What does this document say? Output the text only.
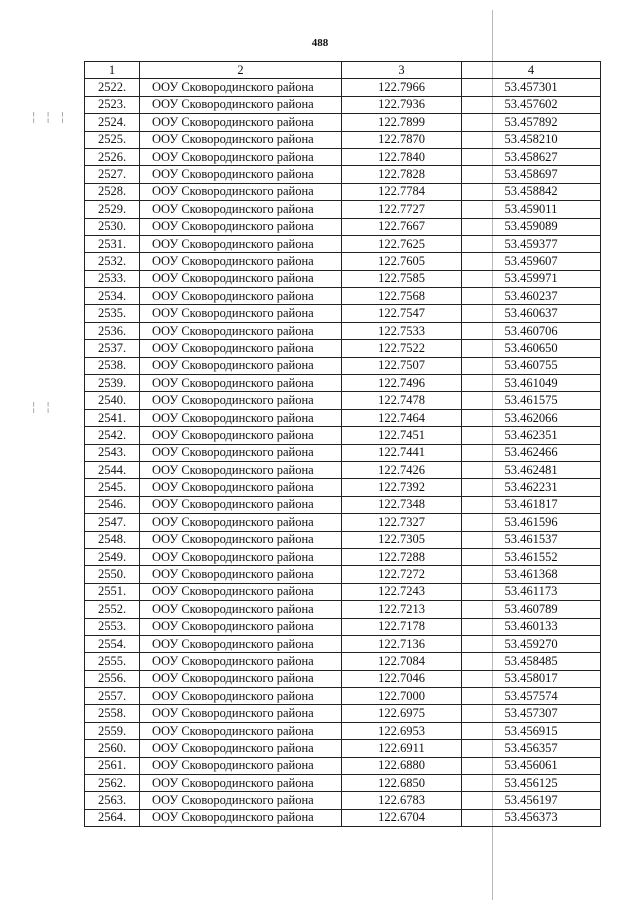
¦ ¦ ¦
¦ ¦
488
1	2	3	4
2522.	ООУ Сковородинского района	122.7966	53.457301
2523.	ООУ Сковородинского района	122.7936	53.457602
2524.	ООУ Сковородинского района	122.7899	53.457892
2525.	ООУ Сковородинского района	122.7870	53.458210
2526.	ООУ Сковородинского района	122.7840	53.458627
2527.	ООУ Сковородинского района	122.7828	53.458697
2528.	ООУ Сковородинского района	122.7784	53.458842
2529.	ООУ Сковородинского района	122.7727	53.459011
2530.	ООУ Сковородинского района	122.7667	53.459089
2531.	ООУ Сковородинского района	122.7625	53.459377
2532.	ООУ Сковородинского района	122.7605	53.459607
2533.	ООУ Сковородинского района	122.7585	53.459971
2534.	ООУ Сковородинского района	122.7568	53.460237
2535.	ООУ Сковородинского района	122.7547	53.460637
2536.	ООУ Сковородинского района	122.7533	53.460706
2537.	ООУ Сковородинского района	122.7522	53.460650
2538.	ООУ Сковородинского района	122.7507	53.460755
2539.	ООУ Сковородинского района	122.7496	53.461049
2540.	ООУ Сковородинского района	122.7478	53.461575
2541.	ООУ Сковородинского района	122.7464	53.462066
2542.	ООУ Сковородинского района	122.7451	53.462351
2543.	ООУ Сковородинского района	122.7441	53.462466
2544.	ООУ Сковородинского района	122.7426	53.462481
2545.	ООУ Сковородинского района	122.7392	53.462231
2546.	ООУ Сковородинского района	122.7348	53.461817
2547.	ООУ Сковородинского района	122.7327	53.461596
2548.	ООУ Сковородинского района	122.7305	53.461537
2549.	ООУ Сковородинского района	122.7288	53.461552
2550.	ООУ Сковородинского района	122.7272	53.461368
2551.	ООУ Сковородинского района	122.7243	53.461173
2552.	ООУ Сковородинского района	122.7213	53.460789
2553.	ООУ Сковородинского района	122.7178	53.460133
2554.	ООУ Сковородинского района	122.7136	53.459270
2555.	ООУ Сковородинского района	122.7084	53.458485
2556.	ООУ Сковородинского района	122.7046	53.458017
2557.	ООУ Сковородинского района	122.7000	53.457574
2558.	ООУ Сковородинского района	122.6975	53.457307
2559.	ООУ Сковородинского района	122.6953	53.456915
2560.	ООУ Сковородинского района	122.6911	53.456357
2561.	ООУ Сковородинского района	122.6880	53.456061
2562.	ООУ Сковородинского района	122.6850	53.456125
2563.	ООУ Сковородинского района	122.6783	53.456197
2564.	ООУ Сковородинского района	122.6704	53.456373
